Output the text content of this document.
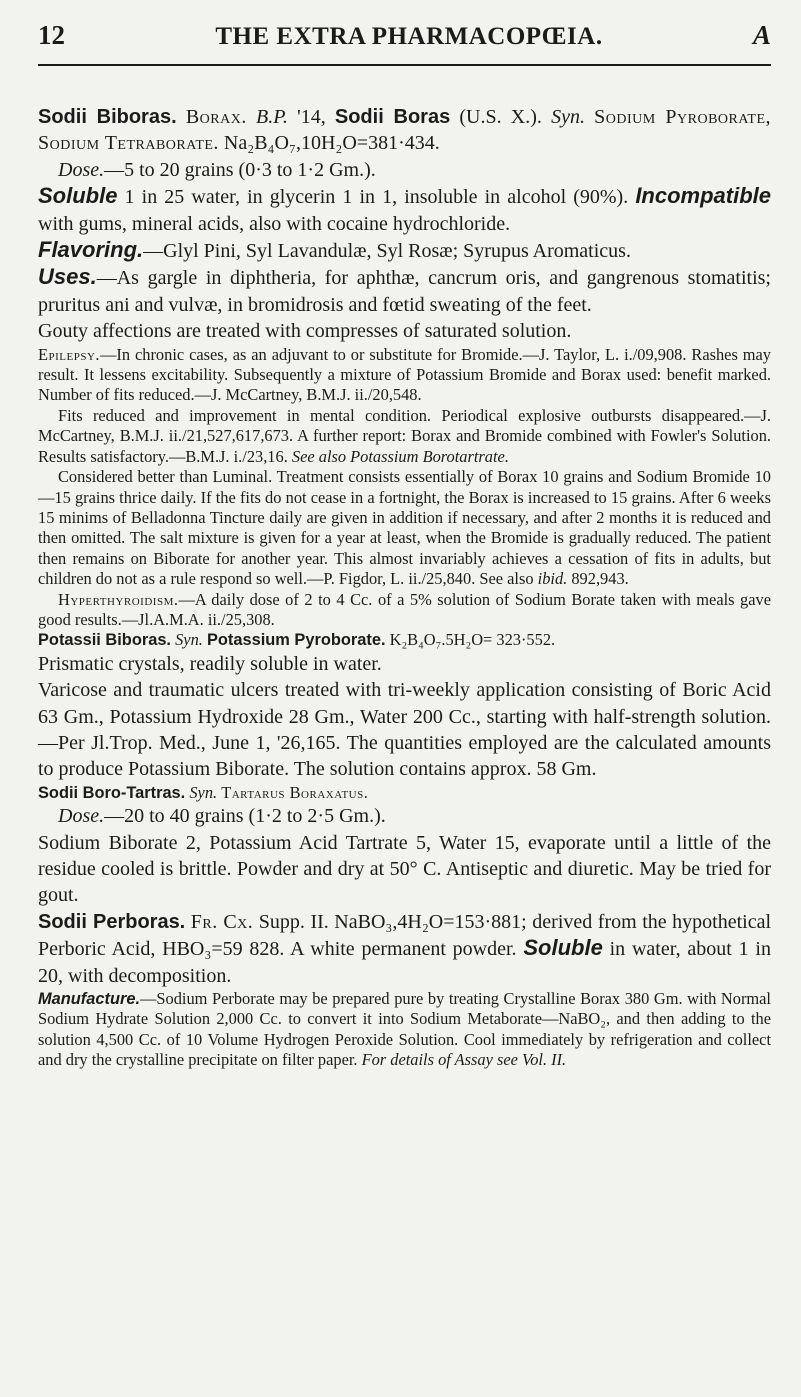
12	THE EXTRA PHARMACOPŒIA.	A

Sodii Biboras. Borax. B.P. '14, Sodii Boras (U.S. X.). Syn. Sodium Pyroborate, Sodium Tetraborate. Na₂B₄O₇,10H₂O=381·434.

Dose.—5 to 20 grains (0·3 to 1·2 Gm.).

Soluble 1 in 25 water, in glycerin 1 in 1, insoluble in alcohol (90%). Incompatible with gums, mineral acids, also with cocaine hydrochloride.

Flavoring.—Glyl Pini, Syl Lavandulæ, Syl Rosæ; Syrupus Aromaticus.

Uses.—As gargle in diphtheria, for aphthæ, cancrum oris, and gangrenous stomatitis; pruritus ani and vulvæ, in bromidrosis and fœtid sweating of the feet.

Gouty affections are treated with compresses of saturated solution.

Epilepsy.—In chronic cases, as an adjuvant to or substitute for Bromide.—J. Taylor, L. i./09,908. Rashes may result. It lessens excitability. Subsequently a mixture of Potassium Bromide and Borax used: benefit marked. Number of fits reduced.—J. McCartney, B.M.J. ii./20,548.

Fits reduced and improvement in mental condition. Periodical explosive outbursts disappeared.—J. McCartney, B.M.J. ii./21,527,617,673. A further report: Borax and Bromide combined with Fowler's Solution. Results satisfactory.—B.M.J. i./23,16. See also Potassium Borotartrate.

Considered better than Luminal. Treatment consists essentially of Borax 10 grains and Sodium Bromide 10—15 grains thrice daily. If the fits do not cease in a fortnight, the Borax is increased to 15 grains. After 6 weeks 15 minims of Belladonna Tincture daily are given in addition if necessary, and after 2 months it is reduced and then omitted. The salt mixture is given for a year at least, when the Bromide is gradually reduced. The patient then remains on Biborate for another year. This almost invariably achieves a cessation of fits in adults, but children do not as a rule respond so well.—P. Figdor, L. ii./25,840. See also ibid. 892,943.

Hyperthyroidism.—A daily dose of 2 to 4 Cc. of a 5% solution of Sodium Borate taken with meals gave good results.—Jl.A.M.A. ii./25,308.

Potassii Biboras. Syn. Potassium Pyroborate. K₂B₄O₇.5H₂O= 323·552.

Prismatic crystals, readily soluble in water.

Varicose and traumatic ulcers treated with tri-weekly application consisting of Boric Acid 63 Gm., Potassium Hydroxide 28 Gm., Water 200 Cc., starting with half-strength solution.—Per Jl.Trop. Med., June 1, '26,165. The quantities employed are the calculated amounts to produce Potassium Biborate. The solution contains approx. 58 Gm.

Sodii Boro-Tartras. Syn. Tartarus Boraxatus.

Dose.—20 to 40 grains (1·2 to 2·5 Gm.).

Sodium Biborate 2, Potassium Acid Tartrate 5, Water 15, evaporate until a little of the residue cooled is brittle. Powder and dry at 50° C. Antiseptic and diuretic. May be tried for gout.

Sodii Perboras. Fr. Cx. Supp. II. NaBO₃,4H₂O=153·881; derived from the hypothetical Perboric Acid, HBO₃=59 828. A white permanent powder. Soluble in water, about 1 in 20, with decomposition.

Manufacture.—Sodium Perborate may be prepared pure by treating Crystalline Borax 380 Gm. with Normal Sodium Hydrate Solution 2,000 Cc. to convert it into Sodium Metaborate—NaBO₂, and then adding to the solution 4,500 Cc. of 10 Volume Hydrogen Peroxide Solution. Cool immediately by refrigeration and collect and dry the crystalline precipitate on filter paper. For details of Assay see Vol. II.
